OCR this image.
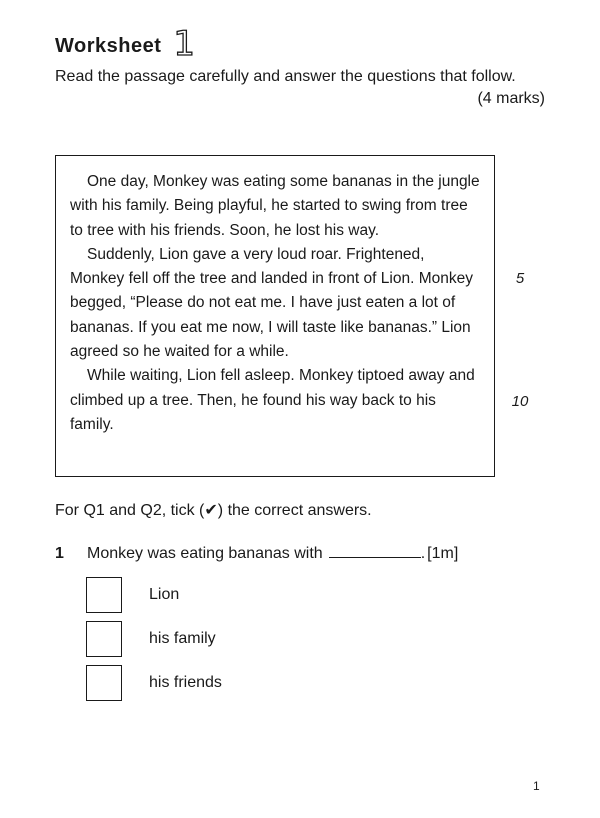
Worksheet 1
Read the passage carefully and answer the questions that follow.
(4 marks)

One day, Monkey was eating some bananas in the jungle with his family. Being playful, he started to swing from tree to tree with his friends. Soon, he lost his way.

Suddenly, Lion gave a very loud roar. Frightened, Monkey fell off the tree and landed in front of Lion. Monkey begged, “Please do not eat me. I have just eaten a lot of bananas. If you eat me now, I will taste like bananas.” Lion agreed so he waited for a while.

While waiting, Lion fell asleep. Monkey tiptoed away and climbed up a tree. Then, he found his way back to his family.

5
10
For Q1 and Q2, tick (✔) the correct answers.
1	Monkey was eating bananas with	. [1m]
Lion
his family
his friends
1
